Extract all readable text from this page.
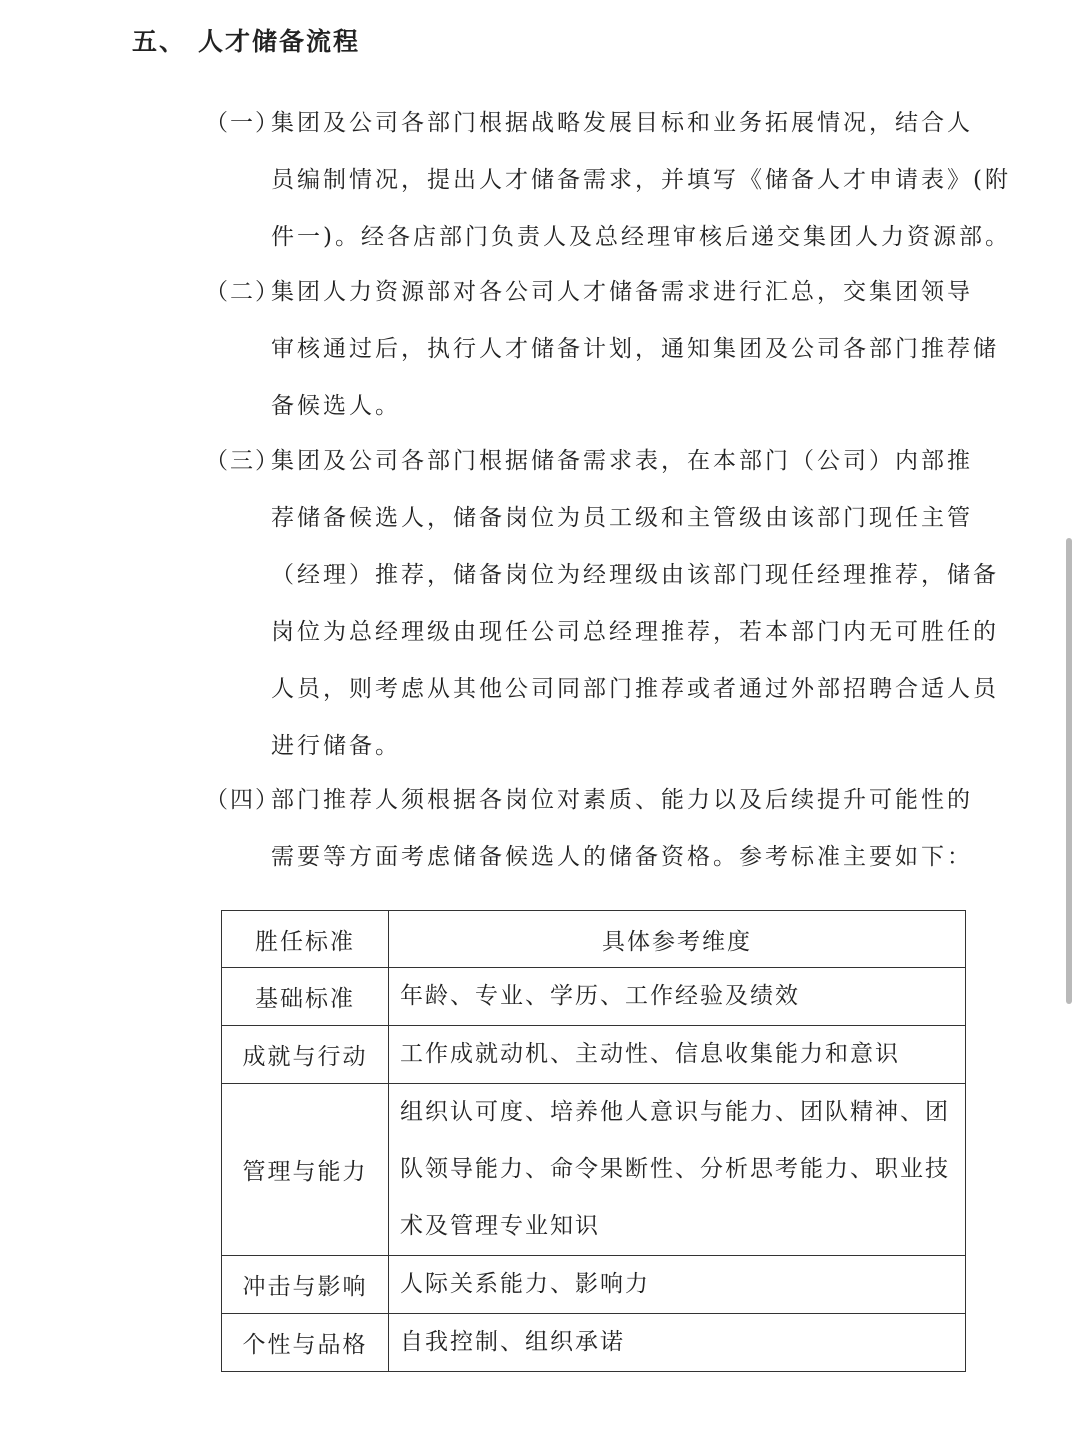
五、 人才储备流程
（一）
集团及公司各部门根据战略发展目标和业务拓展情况，结合人
员编制情况，提出人才储备需求，并填写《储备人才申请表》(附
件一)。经各店部门负责人及总经理审核后递交集团人力资源部。
（二）
集团人力资源部对各公司人才储备需求进行汇总，交集团领导
审核通过后，执行人才储备计划，通知集团及公司各部门推荐储
备候选人。
（三）
集团及公司各部门根据储备需求表，在本部门（公司）内部推
荐储备候选人，储备岗位为员工级和主管级由该部门现任主管
（经理）推荐，储备岗位为经理级由该部门现任经理推荐，储备
岗位为总经理级由现任公司总经理推荐，若本部门内无可胜任的
人员，则考虑从其他公司同部门推荐或者通过外部招聘合适人员
进行储备。
（四）
部门推荐人须根据各岗位对素质、能力以及后续提升可能性的
需要等方面考虑储备候选人的储备资格。参考标准主要如下：
胜任标准	具体参考维度
基础标准	年龄、专业、学历、工作经验及绩效

成就与行动	工作成就动机、主动性、信息收集能力和意识

管理与能力	组织认可度、培养他人意识与能力、团队精神、团
队领导能力、命令果断性、分析思考能力、职业技
术及管理专业知识

冲击与影响	人际关系能力、影响力

个性与品格	自我控制、组织承诺
